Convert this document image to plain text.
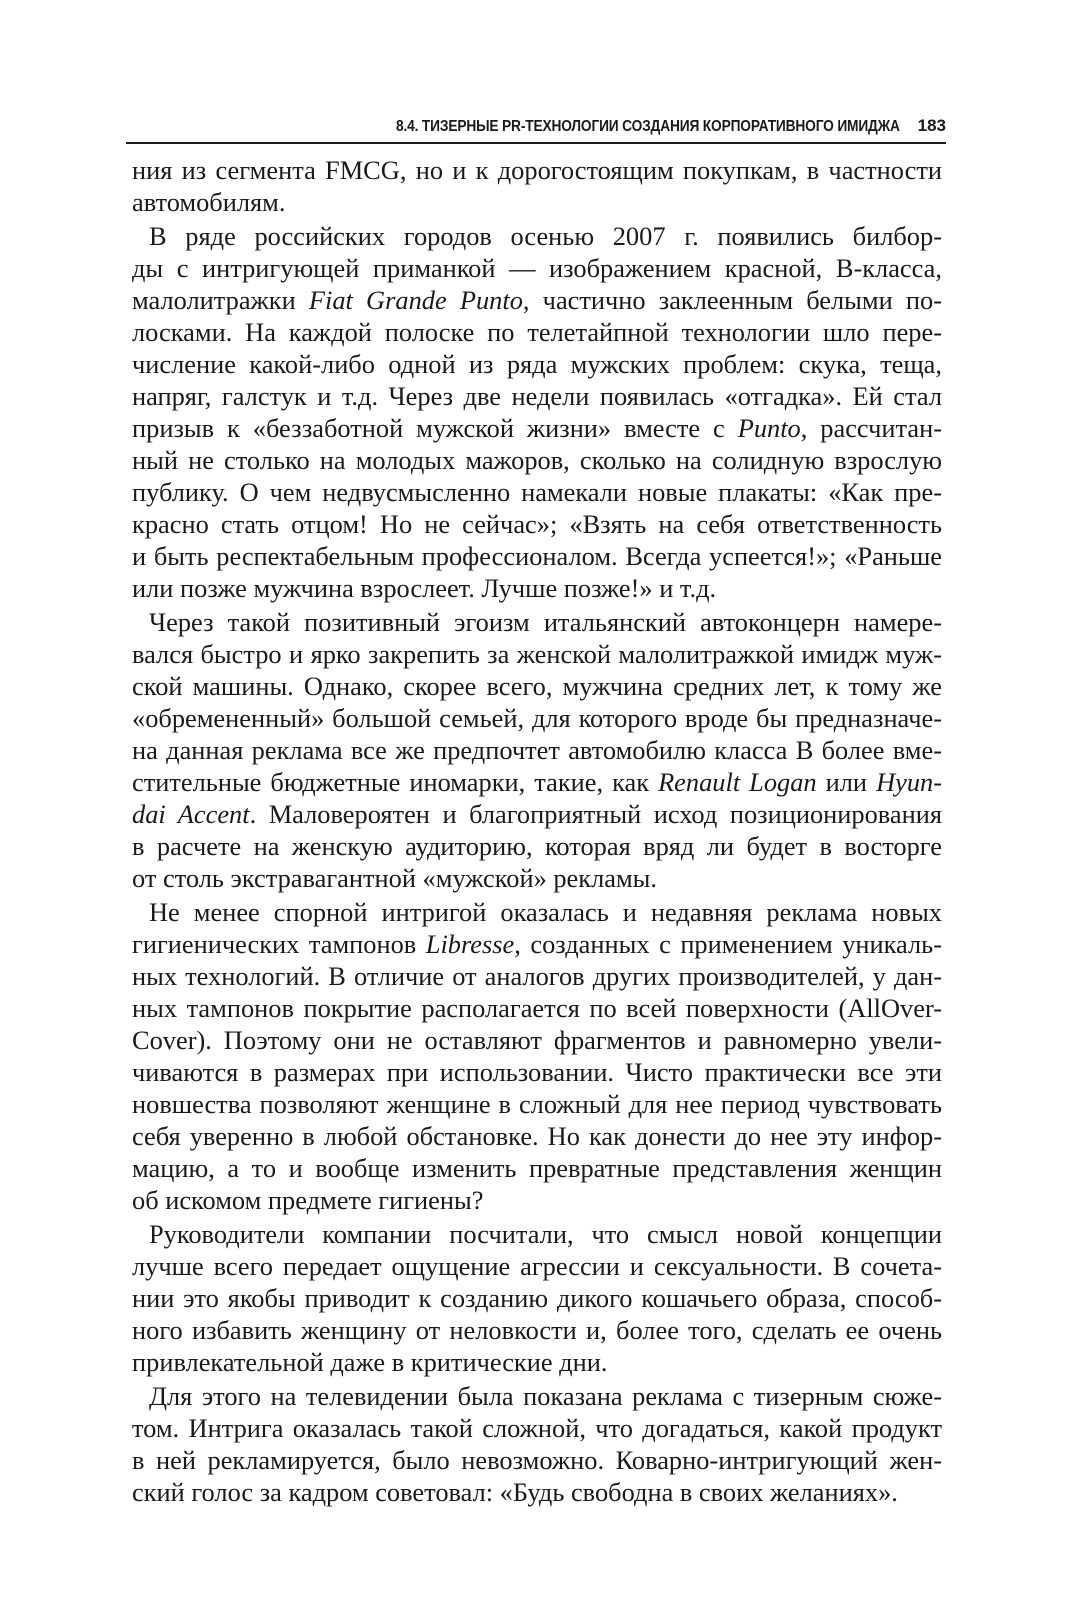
8.4. ТИЗЕРНЫЕ PR-ТЕХНОЛОГИИ СОЗДАНИЯ КОРПОРАТИВНОГО ИМИДЖА 183
ния из сегмента FMCG, но и к дорогостоящим покупкам, в частности
автомобилям.
В ряде российских городов осенью 2007 г. появились билбор-
ды с интригующей приманкой — изображением красной, В-класса,
малолитражки Fiat Grande Punto, частично заклеенным белыми по-
лосками. На каждой полоске по телетайпной технологии шло пере-
числение какой-либо одной из ряда мужских проблем: скука, теща,
напряг, галстук и т.д. Через две недели появилась «отгадка». Ей стал
призыв к «беззаботной мужской жизни» вместе с Punto, рассчитан-
ный не столько на молодых мажоров, сколько на солидную взрослую
публику. О чем недвусмысленно намекали новые плакаты: «Как пре-
красно стать отцом! Но не сейчас»; «Взять на себя ответственность
и быть респектабельным профессионалом. Всегда успеется!»; «Раньше
или позже мужчина взрослеет. Лучше позже!» и т.д.
Через такой позитивный эгоизм итальянский автоконцерн намере-
вался быстро и ярко закрепить за женской малолитражкой имидж муж-
ской машины. Однако, скорее всего, мужчина средних лет, к тому же
«обремененный» большой семьей, для которого вроде бы предназначе-
на данная реклама все же предпочтет автомобилю класса В более вме-
стительные бюджетные иномарки, такие, как Renault Logan или Hyun-
dai Accent. Маловероятен и благоприятный исход позиционирования
в расчете на женскую аудиторию, которая вряд ли будет в восторге
от столь экстравагантной «мужской» рекламы.
Не менее спорной интригой оказалась и недавняя реклама новых
гигиенических тампонов Libresse, созданных с применением уникаль-
ных технологий. В отличие от аналогов других производителей, у дан-
ных тампонов покрытие располагается по всей поверхности (AllOver-
Cover). Поэтому они не оставляют фрагментов и равномерно увели-
чиваются в размерах при использовании. Чисто практически все эти
новшества позволяют женщине в сложный для нее период чувствовать
себя уверенно в любой обстановке. Но как донести до нее эту инфор-
мацию, а то и вообще изменить превратные представления женщин
об искомом предмете гигиены?
Руководители компании посчитали, что смысл новой концепции
лучше всего передает ощущение агрессии и сексуальности. В сочета-
нии это якобы приводит к созданию дикого кошачьего образа, способ-
ного избавить женщину от неловкости и, более того, сделать ее очень
привлекательной даже в критические дни.
Для этого на телевидении была показана реклама с тизерным сюже-
том. Интрига оказалась такой сложной, что догадаться, какой продукт
в ней рекламируется, было невозможно. Коварно-интригующий жен-
ский голос за кадром советовал: «Будь свободна в своих желаниях».
